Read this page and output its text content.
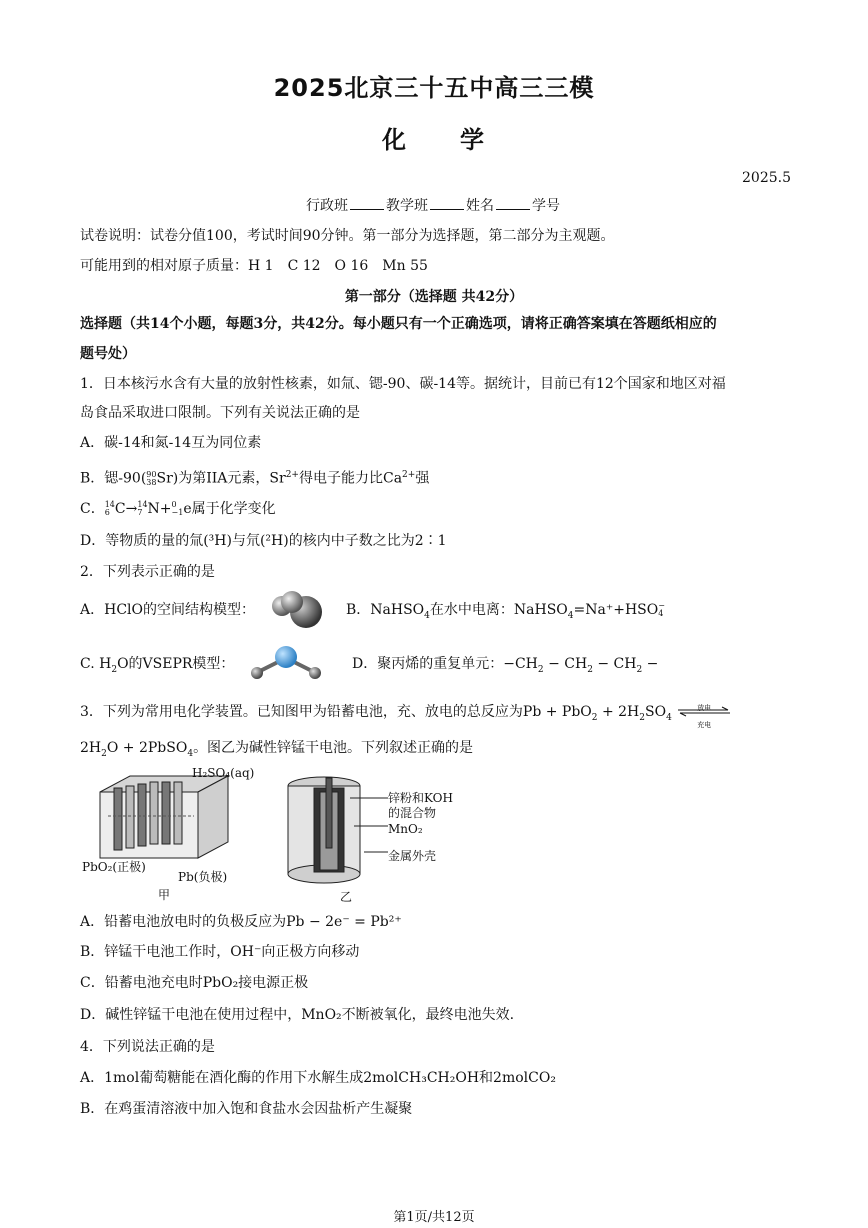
2025北京三十五中高三三模
化　　学
2025.5
行政班	教学班	姓名	学号
试卷说明：试卷分值100，考试时间90分钟。第一部分为选择题，第二部分为主观题。
可能用到的相对原子质量：H 1　C 12　O 16　Mn 55
第一部分（选择题 共42分）
选择题（共14个小题，每题3分，共42分。每小题只有一个正确选项，请将正确答案填在答题纸相应的
题号处）
1．日本核污水含有大量的放射性核素，如氚、锶-90、碳-14等。据统计，目前已有12个国家和地区对福
岛食品采取进口限制。下列有关说法正确的是
A．碳-14和氮-14互为同位素
B．锶-90(90
38Sr)为第IIA元素，$Sr^{2+}$得电子能力比$Ca^{2+}$强
C．14
6 C→14
7 N+0
−1e属于化学变化
D．等物质的量的氚(³H)与氘(²H)的核内中子数之比为2∶1
2．下列表示正确的是
A．HClO的空间结构模型：	B．NaHSO$_4$在水中电离：NaHSO$_4$=Na⁺+HSO−
4
C. $H_2O$的VSEPR模型：	D．聚丙烯的重复单元：$-CH_2 - CH_2 - CH_2$ −
3．下列为常用电化学装置。已知图甲为铅蓄电池，充、放电的总反应为$Pb + PbO_2 + 2H_2SO_4$
放电
充电
$2H_2O$ + 2PbSO$_4$。图乙为碱性锌锰干电池。下列叙述正确的是
H₂SO₄(aq)
PbO₂(正极)
Pb(负极)
甲
锌粉和KOH
的混合物
MnO₂
金属外壳
乙
A．铅蓄电池放电时的负极反应为Pb − 2e⁻ = Pb²⁺
B．锌锰干电池工作时，OH⁻向正极方向移动
C．铅蓄电池充电时PbO₂接电源正极
D．碱性锌锰干电池在使用过程中，MnO₂不断被氧化，最终电池失效.
4．下列说法正确的是
A．1mol葡萄糖能在酒化酶的作用下水解生成2molCH₃CH₂OH和2molCO₂
B．在鸡蛋清溶液中加入饱和食盐水会因盐析产生凝聚
第1页/共12页
